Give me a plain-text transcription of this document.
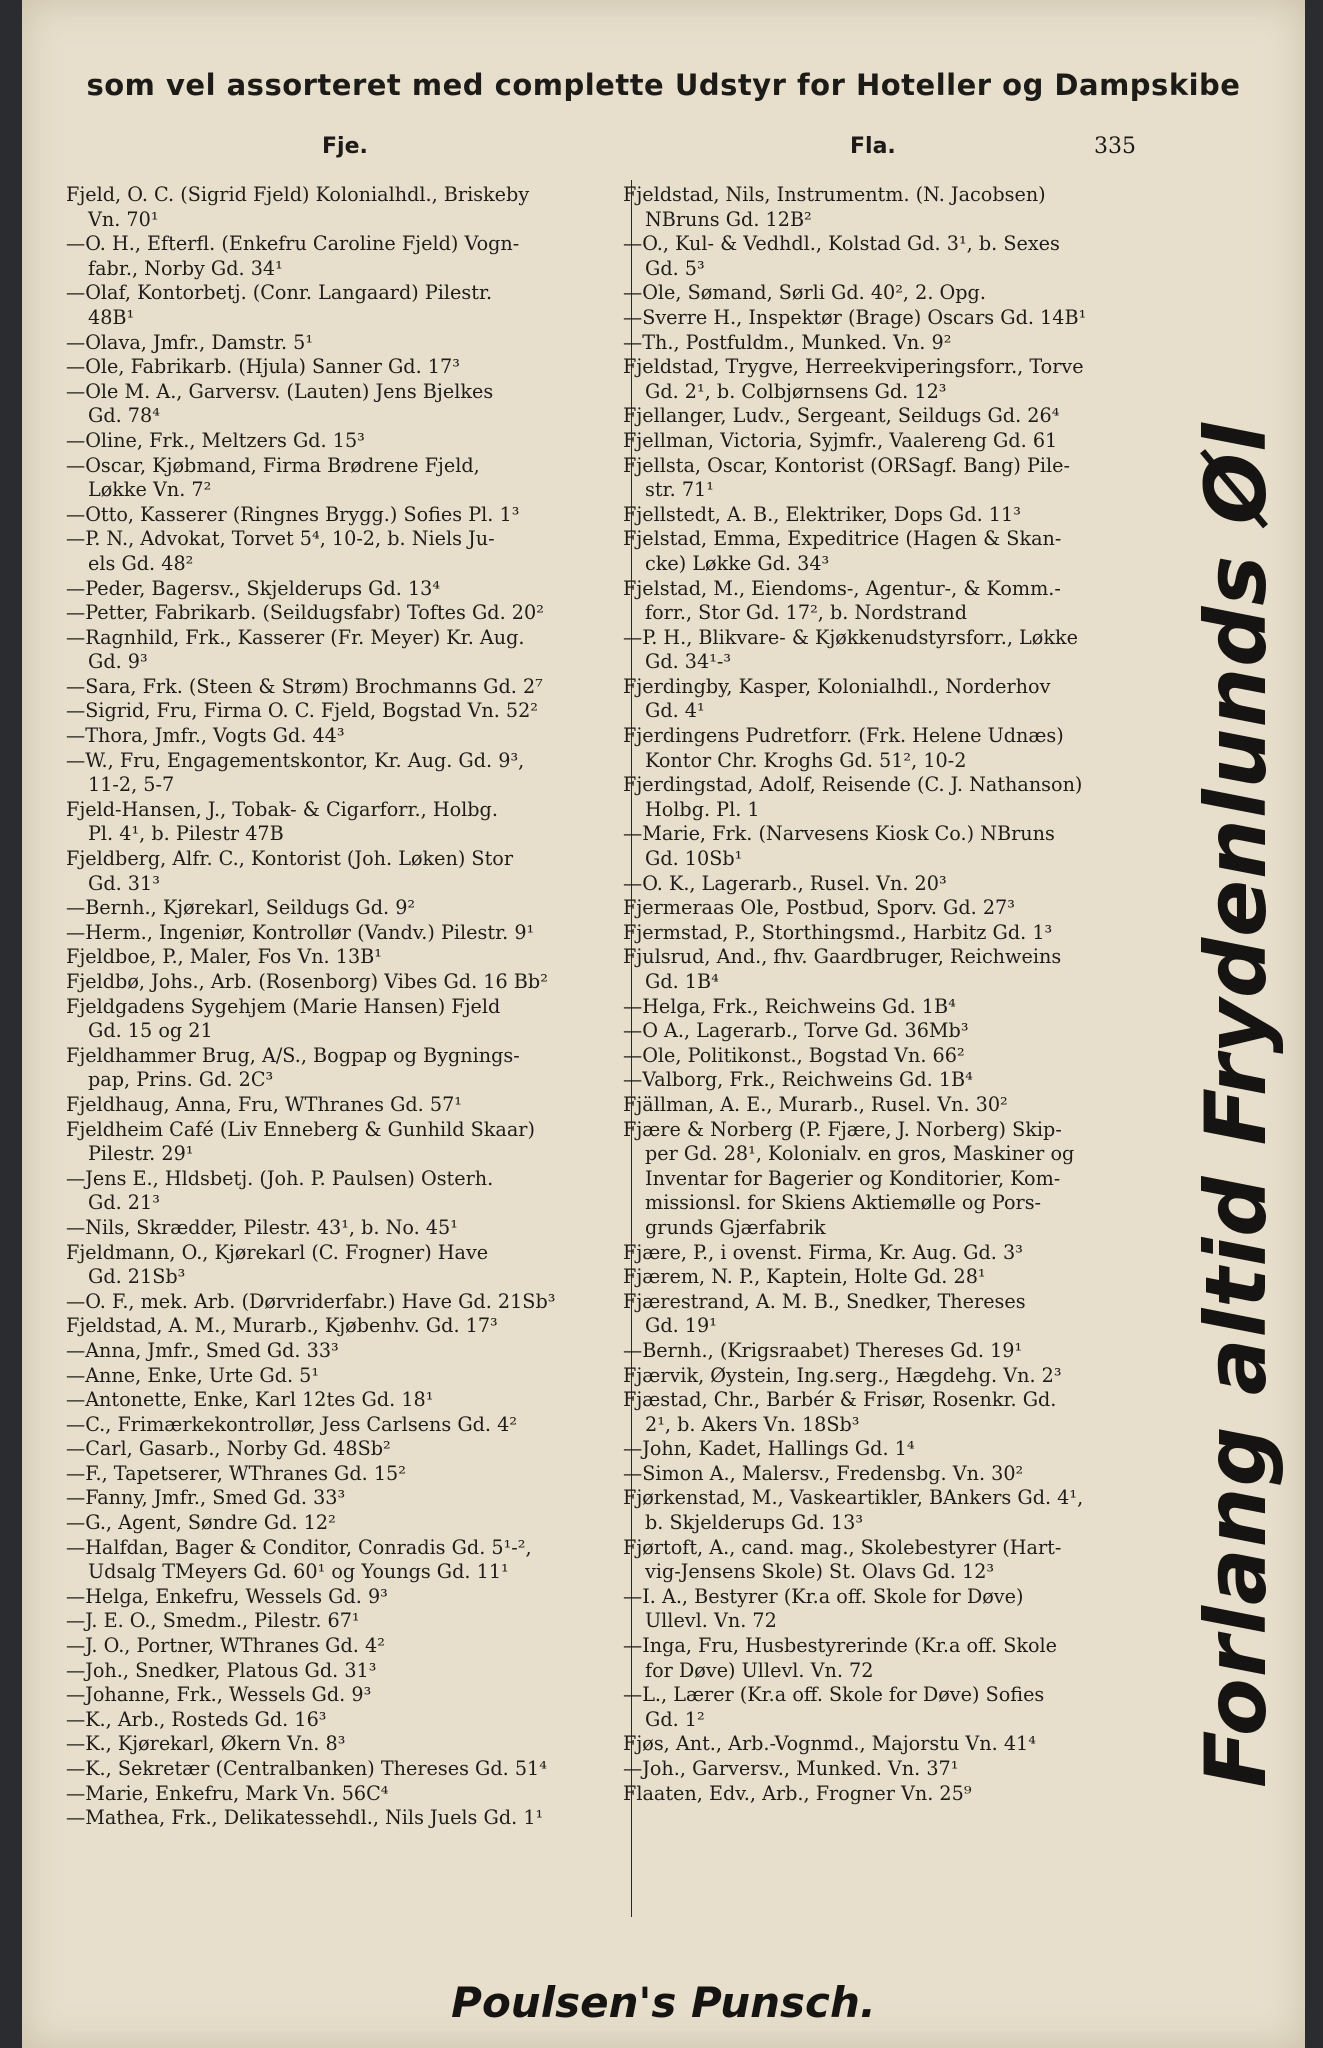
som vel assorteret med complette Udstyr for Hoteller og Dampskibe
Fje.	Fla.	335
Fjeld, O. C. (Sigrid Fjeld) Kolonialhdl., Briskeby
Vn. 70¹
—O. H., Efterfl. (Enkefru Caroline Fjeld) Vogn-
fabr., Norby Gd. 34¹
—Olaf, Kontorbetj. (Conr. Langaard) Pilestr.
48B¹
—Olava, Jmfr., Damstr. 5¹
—Ole, Fabrikarb. (Hjula) Sanner Gd. 17³
—Ole M. A., Garversv. (Lauten) Jens Bjelkes
Gd. 78⁴
—Oline, Frk., Meltzers Gd. 15³
—Oscar, Kjøbmand, Firma Brødrene Fjeld,
Løkke Vn. 7²
—Otto, Kasserer (Ringnes Brygg.) Sofies Pl. 1³
—P. N., Advokat, Torvet 5⁴, 10-2, b. Niels Ju-
els Gd. 48²
—Peder, Bagersv., Skjelderups Gd. 13⁴
—Petter, Fabrikarb. (Seildugsfabr) Toftes Gd. 20²
—Ragnhild, Frk., Kasserer (Fr. Meyer) Kr. Aug.
Gd. 9³
—Sara, Frk. (Steen & Strøm) Brochmanns Gd. 2⁷
—Sigrid, Fru, Firma O. C. Fjeld, Bogstad Vn. 52²
—Thora, Jmfr., Vogts Gd. 44³
—W., Fru, Engagementskontor, Kr. Aug. Gd. 9³,
11-2, 5-7
Fjeld-Hansen, J., Tobak- & Cigarforr., Holbg.
Pl. 4¹, b. Pilestr 47B
Fjeldberg, Alfr. C., Kontorist (Joh. Løken) Stor
Gd. 31³
—Bernh., Kjørekarl, Seildugs Gd. 9²
—Herm., Ingeniør, Kontrollør (Vandv.) Pilestr. 9¹
Fjeldboe, P., Maler, Fos Vn. 13B¹
Fjeldbø, Johs., Arb. (Rosenborg) Vibes Gd. 16 Bb²
Fjeldgadens Sygehjem (Marie Hansen) Fjeld
Gd. 15 og 21
Fjeldhammer Brug, A/S., Bogpap og Bygnings-
pap, Prins. Gd. 2C³
Fjeldhaug, Anna, Fru, WThranes Gd. 57¹
Fjeldheim Café (Liv Enneberg & Gunhild Skaar)
Pilestr. 29¹
—Jens E., Hldsbetj. (Joh. P. Paulsen) Osterh.
Gd. 21³
—Nils, Skrædder, Pilestr. 43¹, b. No. 45¹
Fjeldmann, O., Kjørekarl (C. Frogner) Have
Gd. 21Sb³
—O. F., mek. Arb. (Dørvriderfabr.) Have Gd. 21Sb³
Fjeldstad, A. M., Murarb., Kjøbenhv. Gd. 17³
—Anna, Jmfr., Smed Gd. 33³
—Anne, Enke, Urte Gd. 5¹
—Antonette, Enke, Karl 12tes Gd. 18¹
—C., Frimærkekontrollør, Jess Carlsens Gd. 4²
—Carl, Gasarb., Norby Gd. 48Sb²
—F., Tapetserer, WThranes Gd. 15²
—Fanny, Jmfr., Smed Gd. 33³
—G., Agent, Søndre Gd. 12²
—Halfdan, Bager & Conditor, Conradis Gd. 5¹-²,
Udsalg TMeyers Gd. 60¹ og Youngs Gd. 11¹
—Helga, Enkefru, Wessels Gd. 9³
—J. E. O., Smedm., Pilestr. 67¹
—J. O., Portner, WThranes Gd. 4²
—Joh., Snedker, Platous Gd. 31³
—Johanne, Frk., Wessels Gd. 9³
—K., Arb., Rosteds Gd. 16³
—K., Kjørekarl, Økern Vn. 8³
—K., Sekretær (Centralbanken) Thereses Gd. 51⁴
—Marie, Enkefru, Mark Vn. 56C⁴
—Mathea, Frk., Delikatessehdl., Nils Juels Gd. 1¹
Fjeldstad, Nils, Instrumentm. (N. Jacobsen)
NBruns Gd. 12B²
—O., Kul- & Vedhdl., Kolstad Gd. 3¹, b. Sexes
Gd. 5³
—Ole, Sømand, Sørli Gd. 40², 2. Opg.
—Sverre H., Inspektør (Brage) Oscars Gd. 14B¹
—Th., Postfuldm., Munked. Vn. 9²
Fjeldstad, Trygve, Herreekviperingsforr., Torve
Gd. 2¹, b. Colbjørnsens Gd. 12³
Fjellanger, Ludv., Sergeant, Seildugs Gd. 26⁴
Fjellman, Victoria, Syjmfr., Vaalereng Gd. 61
Fjellsta, Oscar, Kontorist (ORSagf. Bang) Pile-
str. 71¹
Fjellstedt, A. B., Elektriker, Dops Gd. 11³
Fjelstad, Emma, Expeditrice (Hagen & Skan-
cke) Løkke Gd. 34³
Fjelstad, M., Eiendoms-, Agentur-, & Komm.-
forr., Stor Gd. 17², b. Nordstrand
—P. H., Blikvare- & Kjøkkenudstyrsforr., Løkke
Gd. 34¹-³
Fjerdingby, Kasper, Kolonialhdl., Norderhov
Gd. 4¹
Fjerdingens Pudretforr. (Frk. Helene Udnæs)
Kontor Chr. Kroghs Gd. 51², 10-2
Fjerdingstad, Adolf, Reisende (C. J. Nathanson)
Holbg. Pl. 1
—Marie, Frk. (Narvesens Kiosk Co.) NBruns
Gd. 10Sb¹
—O. K., Lagerarb., Rusel. Vn. 20³
Fjermeraas Ole, Postbud, Sporv. Gd. 27³
Fjermstad, P., Storthingsmd., Harbitz Gd. 1³
Fjulsrud, And., fhv. Gaardbruger, Reichweins
Gd. 1B⁴
—Helga, Frk., Reichweins Gd. 1B⁴
—O A., Lagerarb., Torve Gd. 36Mb³
—Ole, Politikonst., Bogstad Vn. 66²
—Valborg, Frk., Reichweins Gd. 1B⁴
Fjällman, A. E., Murarb., Rusel. Vn. 30²
Fjære & Norberg (P. Fjære, J. Norberg) Skip-
per Gd. 28¹, Kolonialv. en gros, Maskiner og
Inventar for Bagerier og Konditorier, Kom-
missionsl. for Skiens Aktiemølle og Pors-
grunds Gjærfabrik
Fjære, P., i ovenst. Firma, Kr. Aug. Gd. 3³
Fjærem, N. P., Kaptein, Holte Gd. 28¹
Fjærestrand, A. M. B., Snedker, Thereses
Gd. 19¹
—Bernh., (Krigsraabet) Thereses Gd. 19¹
Fjærvik, Øystein, Ing.serg., Hægdehg. Vn. 2³
Fjæstad, Chr., Barbér & Frisør, Rosenkr. Gd.
2¹, b. Akers Vn. 18Sb³
—John, Kadet, Hallings Gd. 1⁴
—Simon A., Malersv., Fredensbg. Vn. 30²
Fjørkenstad, M., Vaskeartikler, BAnkers Gd. 4¹,
b. Skjelderups Gd. 13³
Fjørtoft, A., cand. mag., Skolebestyrer (Hart-
vig-Jensens Skole) St. Olavs Gd. 12³
—I. A., Bestyrer (Kr.a off. Skole for Døve)
Ullevl. Vn. 72
—Inga, Fru, Husbestyrerinde (Kr.a off. Skole
for Døve) Ullevl. Vn. 72
—L., Lærer (Kr.a off. Skole for Døve) Sofies
Gd. 1²
Fjøs, Ant., Arb.-Vognmd., Majorstu Vn. 41⁴
—Joh., Garversv., Munked. Vn. 37¹
Flaaten, Edv., Arb., Frogner Vn. 25⁹
Forlang altid Frydenlunds Øl
Poulsen's Punsch.
